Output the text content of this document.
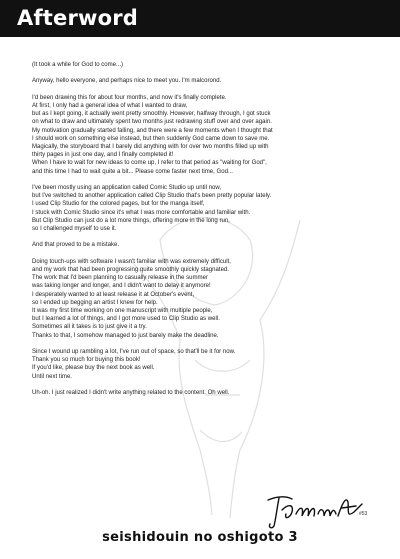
Afterword

(It took a while for God to come...)

Anyway, hello everyone, and perhaps nice to meet you. I'm malcorond.

I'd been drawing this for about four months, and now it's finally complete.
At first, I only had a general idea of what I wanted to draw,
but as I kept going, it actually went pretty smoothly. However, halfway through, I got stuck
on what to draw and ultimately spent two months just redrawing stuff over and over again.
My motivation gradually started falling, and there were a few moments when I thought that
I should work on something else instead, but then suddenly God came down to save me.
Magically, the storyboard that I barely did anything with for over two months filled up with
thirty pages in just one day, and I finally completed it!
When I have to wait for new ideas to come up, I refer to that period as "waiting for God",
and this time I had to wait quite a bit... Please come faster next time, God...

I've been mostly using an application called Comic Studio up until now,
but I've switched to another application called Clip Studio that's been pretty popular lately.
I used Clip Studio for the colored pages, but for the manga itself,
I stuck with Comic Studio since it's what I was more comfortable and familiar with.
But Clip Studio can just do a lot more things, offering more in the long run,
so I challenged myself to use it.

And that proved to be a mistake.

Doing touch-ups with software I wasn't familiar with was extremely difficult,
and my work that had been progressing quite smoothly quickly stagnated.
The work that I'd been planning to casually release in the summer
was taking longer and longer, and I didn't want to delay it anymore!
I desperately wanted to at least release it at October's event,
so I ended up begging an artist I knew for help.
It was my first time working on one manuscript with multiple people,
but I learned a lot of things, and I got more used to Clip Studio as well.
Sometimes all it takes is to just give it a try.
Thanks to that, I somehow managed to just barely make the deadline.

Since I wound up rambling a lot, I've run out of space, so that'll be it for now.
Thank you so much for buying this book!
If you'd like, please buy the next book as well.
Until next time.

Uh-oh. I just realized I didn't write anything related to the content. Oh well.

#53
seishidouin no oshigoto 3
